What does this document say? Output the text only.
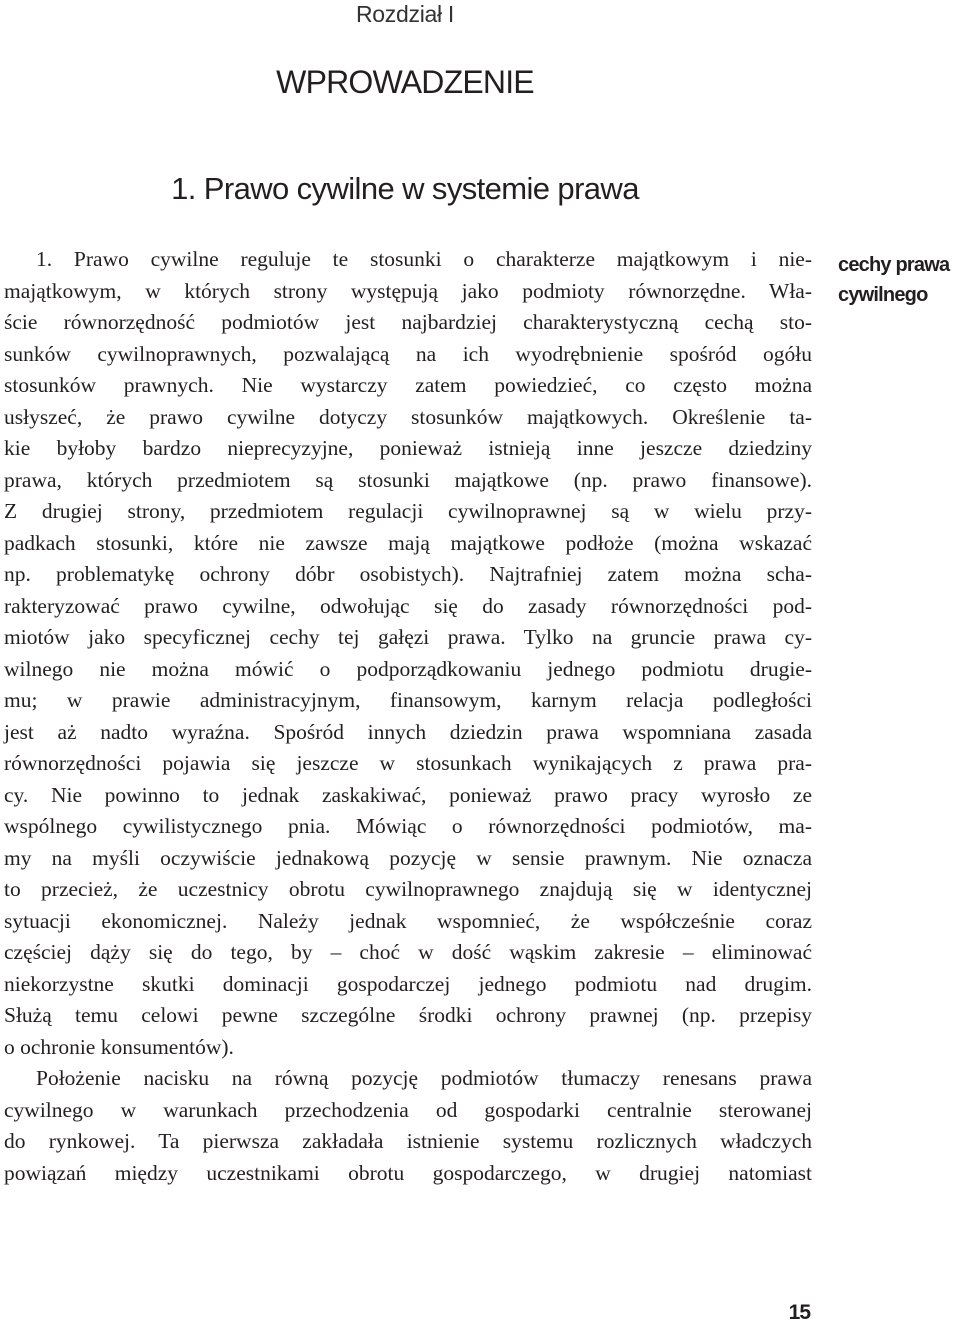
Rozdział I
WPROWADZENIE
1. Prawo cywilne w systemie prawa
cechy prawa
cywilnego
1. Prawo cywilne reguluje te stosunki o charakterze majątkowym i nie-
majątkowym, w których strony występują jako podmioty równorzędne. Wła-
ście równorzędność podmiotów jest najbardziej charakterystyczną cechą sto-
sunków cywilnoprawnych, pozwalającą na ich wyodrębnienie spośród ogółu
stosunków prawnych. Nie wystarczy zatem powiedzieć, co często można
usłyszeć, że prawo cywilne dotyczy stosunków majątkowych. Określenie ta-
kie byłoby bardzo nieprecyzyjne, ponieważ istnieją inne jeszcze dziedziny
prawa, których przedmiotem są stosunki majątkowe (np. prawo finansowe).
Z drugiej strony, przedmiotem regulacji cywilnoprawnej są w wielu przy-
padkach stosunki, które nie zawsze mają majątkowe podłoże (można wskazać
np. problematykę ochrony dóbr osobistych). Najtrafniej zatem można scha-
rakteryzować prawo cywilne, odwołując się do zasady równorzędności pod-
miotów jako specyficznej cechy tej gałęzi prawa. Tylko na gruncie prawa cy-
wilnego nie można mówić o podporządkowaniu jednego podmiotu drugie-
mu; w prawie administracyjnym, finansowym, karnym relacja podległości
jest aż nadto wyraźna. Spośród innych dziedzin prawa wspomniana zasada
równorzędności pojawia się jeszcze w stosunkach wynikających z prawa pra-
cy. Nie powinno to jednak zaskakiwać, ponieważ prawo pracy wyrosło ze
wspólnego cywilistycznego pnia. Mówiąc o równorzędności podmiotów, ma-
my na myśli oczywiście jednakową pozycję w sensie prawnym. Nie oznacza
to przecież, że uczestnicy obrotu cywilnoprawnego znajdują się w identycznej
sytuacji ekonomicznej. Należy jednak wspomnieć, że współcześnie coraz
częściej dąży się do tego, by – choć w dość wąskim zakresie – eliminować
niekorzystne skutki dominacji gospodarczej jednego podmiotu nad drugim.
Służą temu celowi pewne szczególne środki ochrony prawnej (np. przepisy
o ochronie konsumentów).
Położenie nacisku na równą pozycję podmiotów tłumaczy renesans prawa
cywilnego w warunkach przechodzenia od gospodarki centralnie sterowanej
do rynkowej. Ta pierwsza zakładała istnienie systemu rozlicznych władczych
powiązań między uczestnikami obrotu gospodarczego, w drugiej natomiast
15
